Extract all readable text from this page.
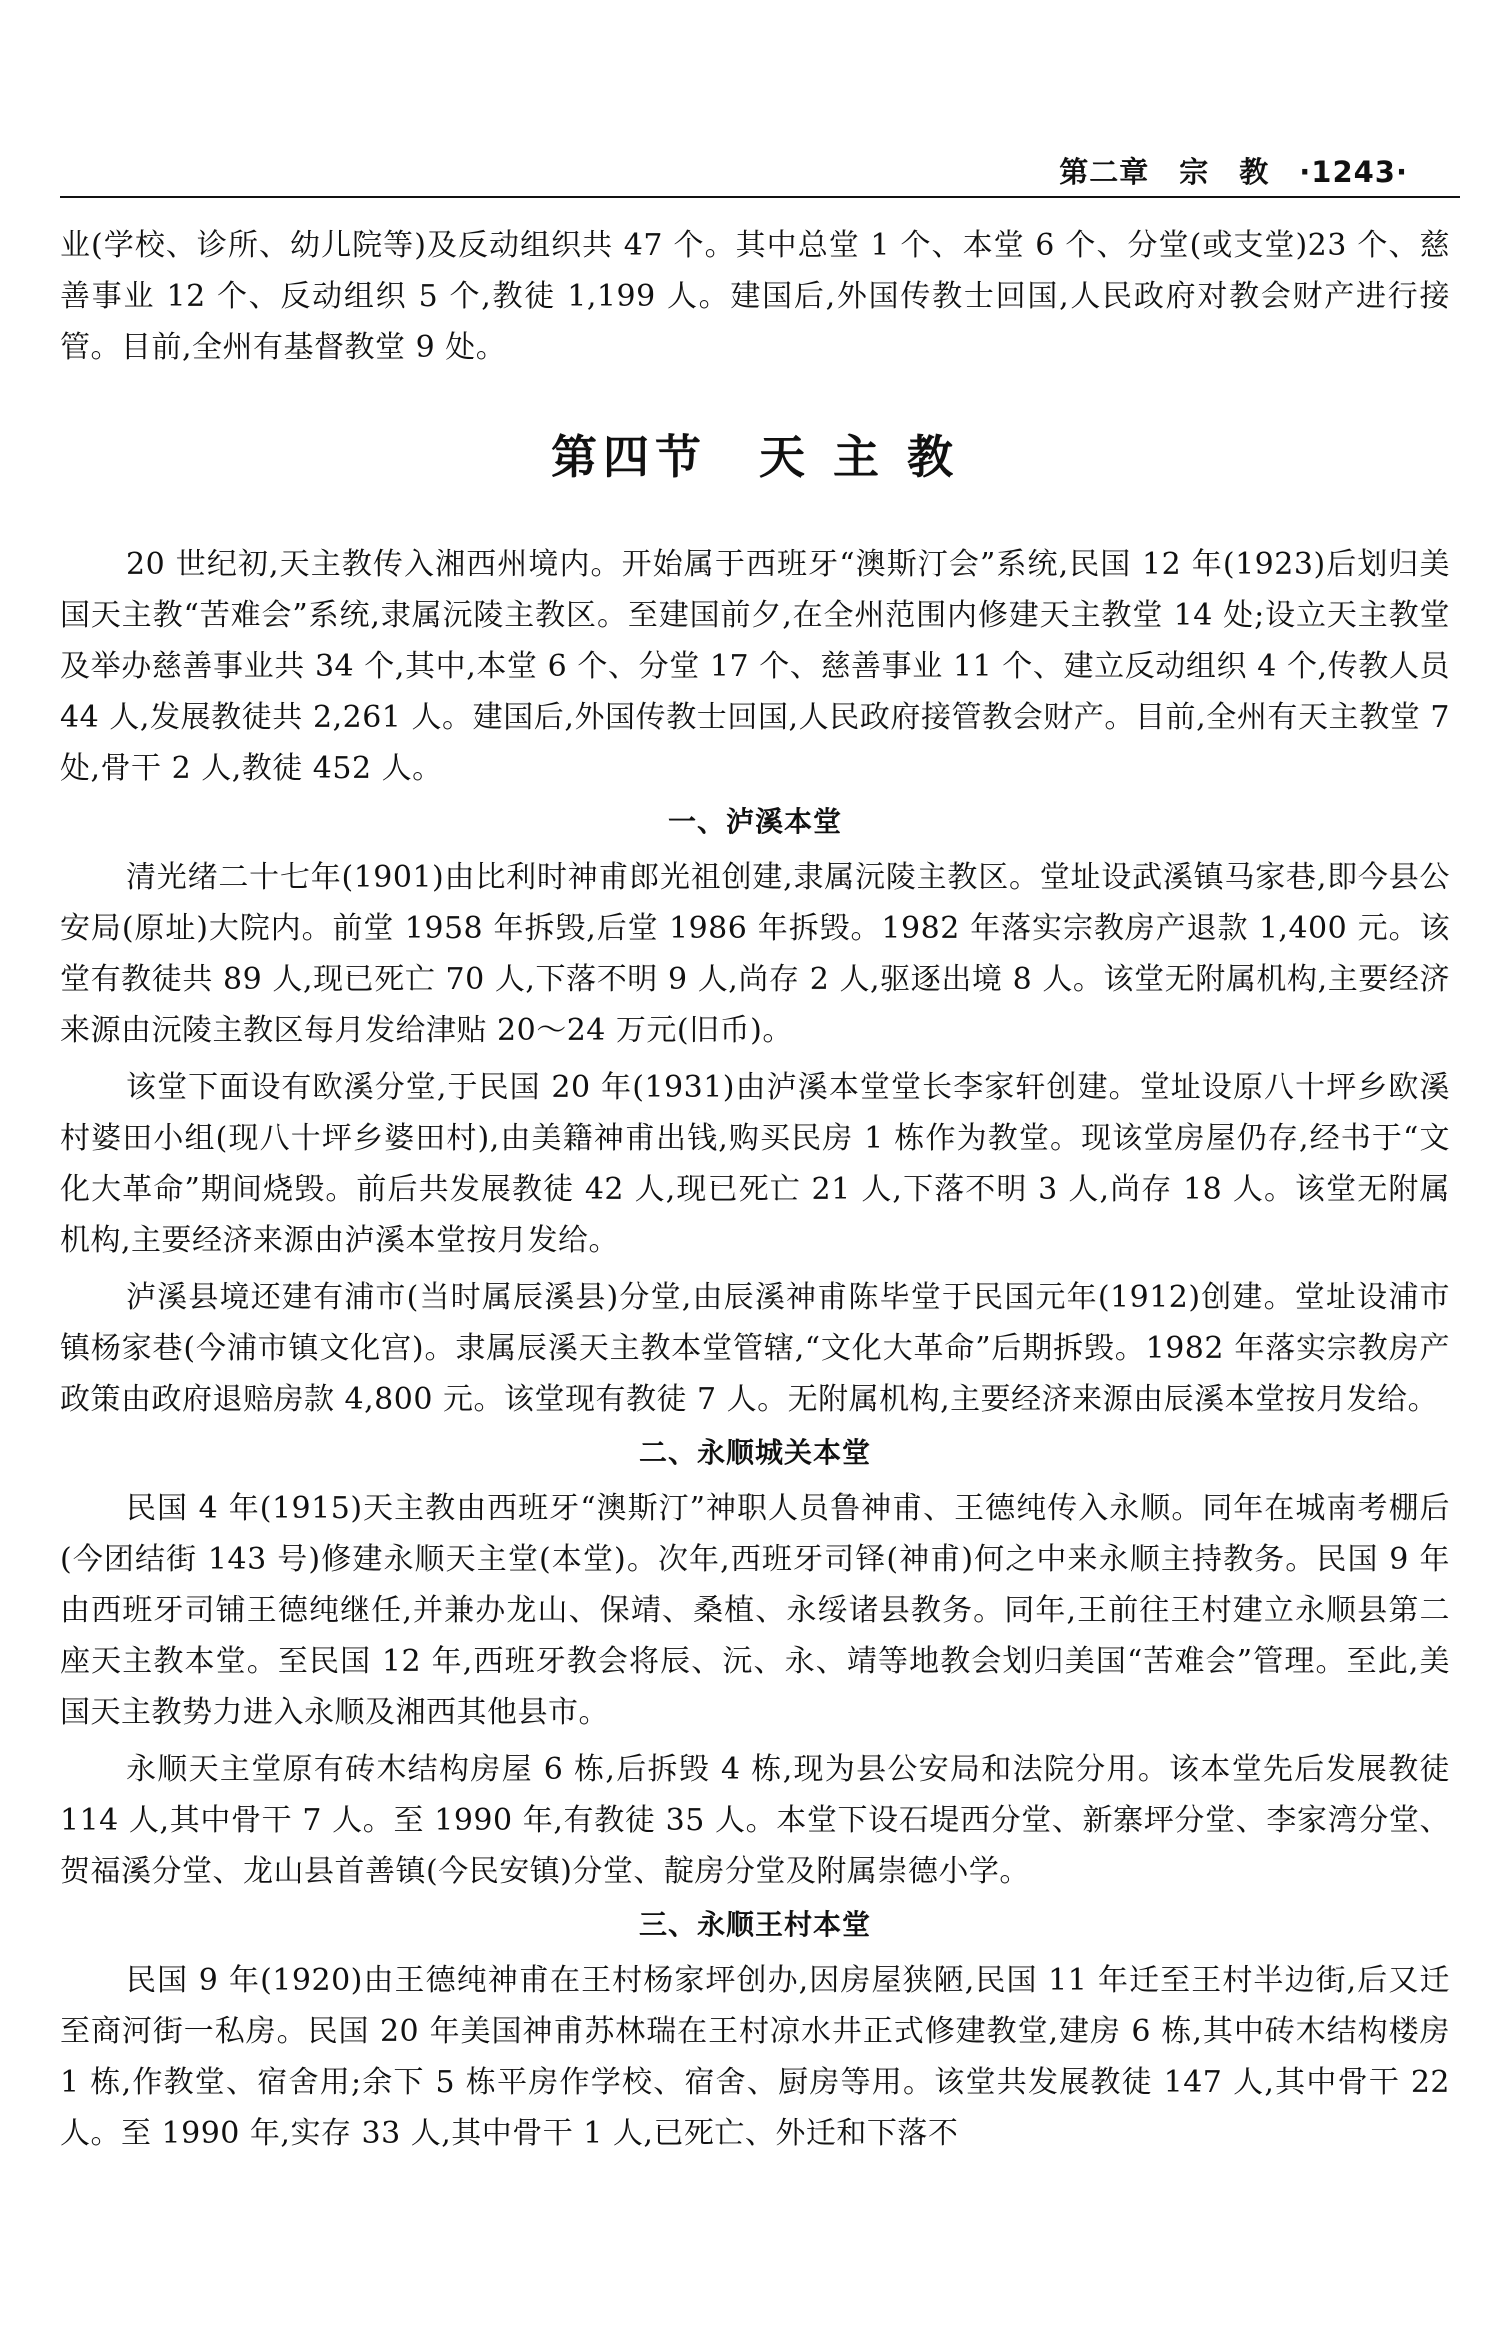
第二章　宗　教　·1243·

业(学校、诊所、幼儿院等)及反动组织共 47 个。其中总堂 1 个、本堂 6 个、分堂(或支堂)23 个、慈善事业 12 个、反动组织 5 个,教徒 1,199 人。建国后,外国传教士回国,人民政府对教会财产进行接管。目前,全州有基督教堂 9 处。

第四节　天 主 教

20 世纪初,天主教传入湘西州境内。开始属于西班牙“澳斯汀会”系统,民国 12 年(1923)后划归美国天主教“苦难会”系统,隶属沅陵主教区。至建国前夕,在全州范围内修建天主教堂 14 处;设立天主教堂及举办慈善事业共 34 个,其中,本堂 6 个、分堂 17 个、慈善事业 11 个、建立反动组织 4 个,传教人员 44 人,发展教徒共 2,261 人。建国后,外国传教士回国,人民政府接管教会财产。目前,全州有天主教堂 7 处,骨干 2 人,教徒 452 人。

一、泸溪本堂

清光绪二十七年(1901)由比利时神甫郎光祖创建,隶属沅陵主教区。堂址设武溪镇马家巷,即今县公安局(原址)大院内。前堂 1958 年拆毁,后堂 1986 年拆毁。1982 年落实宗教房产退款 1,400 元。该堂有教徒共 89 人,现已死亡 70 人,下落不明 9 人,尚存 2 人,驱逐出境 8 人。该堂无附属机构,主要经济来源由沅陵主教区每月发给津贴 20～24 万元(旧币)。

该堂下面设有欧溪分堂,于民国 20 年(1931)由泸溪本堂堂长李家轩创建。堂址设原八十坪乡欧溪村婆田小组(现八十坪乡婆田村),由美籍神甫出钱,购买民房 1 栋作为教堂。现该堂房屋仍存,经书于“文化大革命”期间烧毁。前后共发展教徒 42 人,现已死亡 21 人,下落不明 3 人,尚存 18 人。该堂无附属机构,主要经济来源由泸溪本堂按月发给。

泸溪县境还建有浦市(当时属辰溪县)分堂,由辰溪神甫陈毕堂于民国元年(1912)创建。堂址设浦市镇杨家巷(今浦市镇文化宫)。隶属辰溪天主教本堂管辖,“文化大革命”后期拆毁。1982 年落实宗教房产政策由政府退赔房款 4,800 元。该堂现有教徒 7 人。无附属机构,主要经济来源由辰溪本堂按月发给。

二、永顺城关本堂

民国 4 年(1915)天主教由西班牙“澳斯汀”神职人员鲁神甫、王德纯传入永顺。同年在城南考棚后(今团结街 143 号)修建永顺天主堂(本堂)。次年,西班牙司铎(神甫)何之中来永顺主持教务。民国 9 年由西班牙司铺王德纯继任,并兼办龙山、保靖、桑植、永绥诸县教务。同年,王前往王村建立永顺县第二座天主教本堂。至民国 12 年,西班牙教会将辰、沅、永、靖等地教会划归美国“苦难会”管理。至此,美国天主教势力进入永顺及湘西其他县市。

永顺天主堂原有砖木结构房屋 6 栋,后拆毁 4 栋,现为县公安局和法院分用。该本堂先后发展教徒 114 人,其中骨干 7 人。至 1990 年,有教徒 35 人。本堂下设石堤西分堂、新寨坪分堂、李家湾分堂、贺福溪分堂、龙山县首善镇(今民安镇)分堂、靛房分堂及附属崇德小学。

三、永顺王村本堂

民国 9 年(1920)由王德纯神甫在王村杨家坪创办,因房屋狭陋,民国 11 年迁至王村半边街,后又迁至商河街一私房。民国 20 年美国神甫苏林瑞在王村凉水井正式修建教堂,建房 6 栋,其中砖木结构楼房 1 栋,作教堂、宿舍用;余下 5 栋平房作学校、宿舍、厨房等用。该堂共发展教徒 147 人,其中骨干 22 人。至 1990 年,实存 33 人,其中骨干 1 人,已死亡、外迁和下落不
